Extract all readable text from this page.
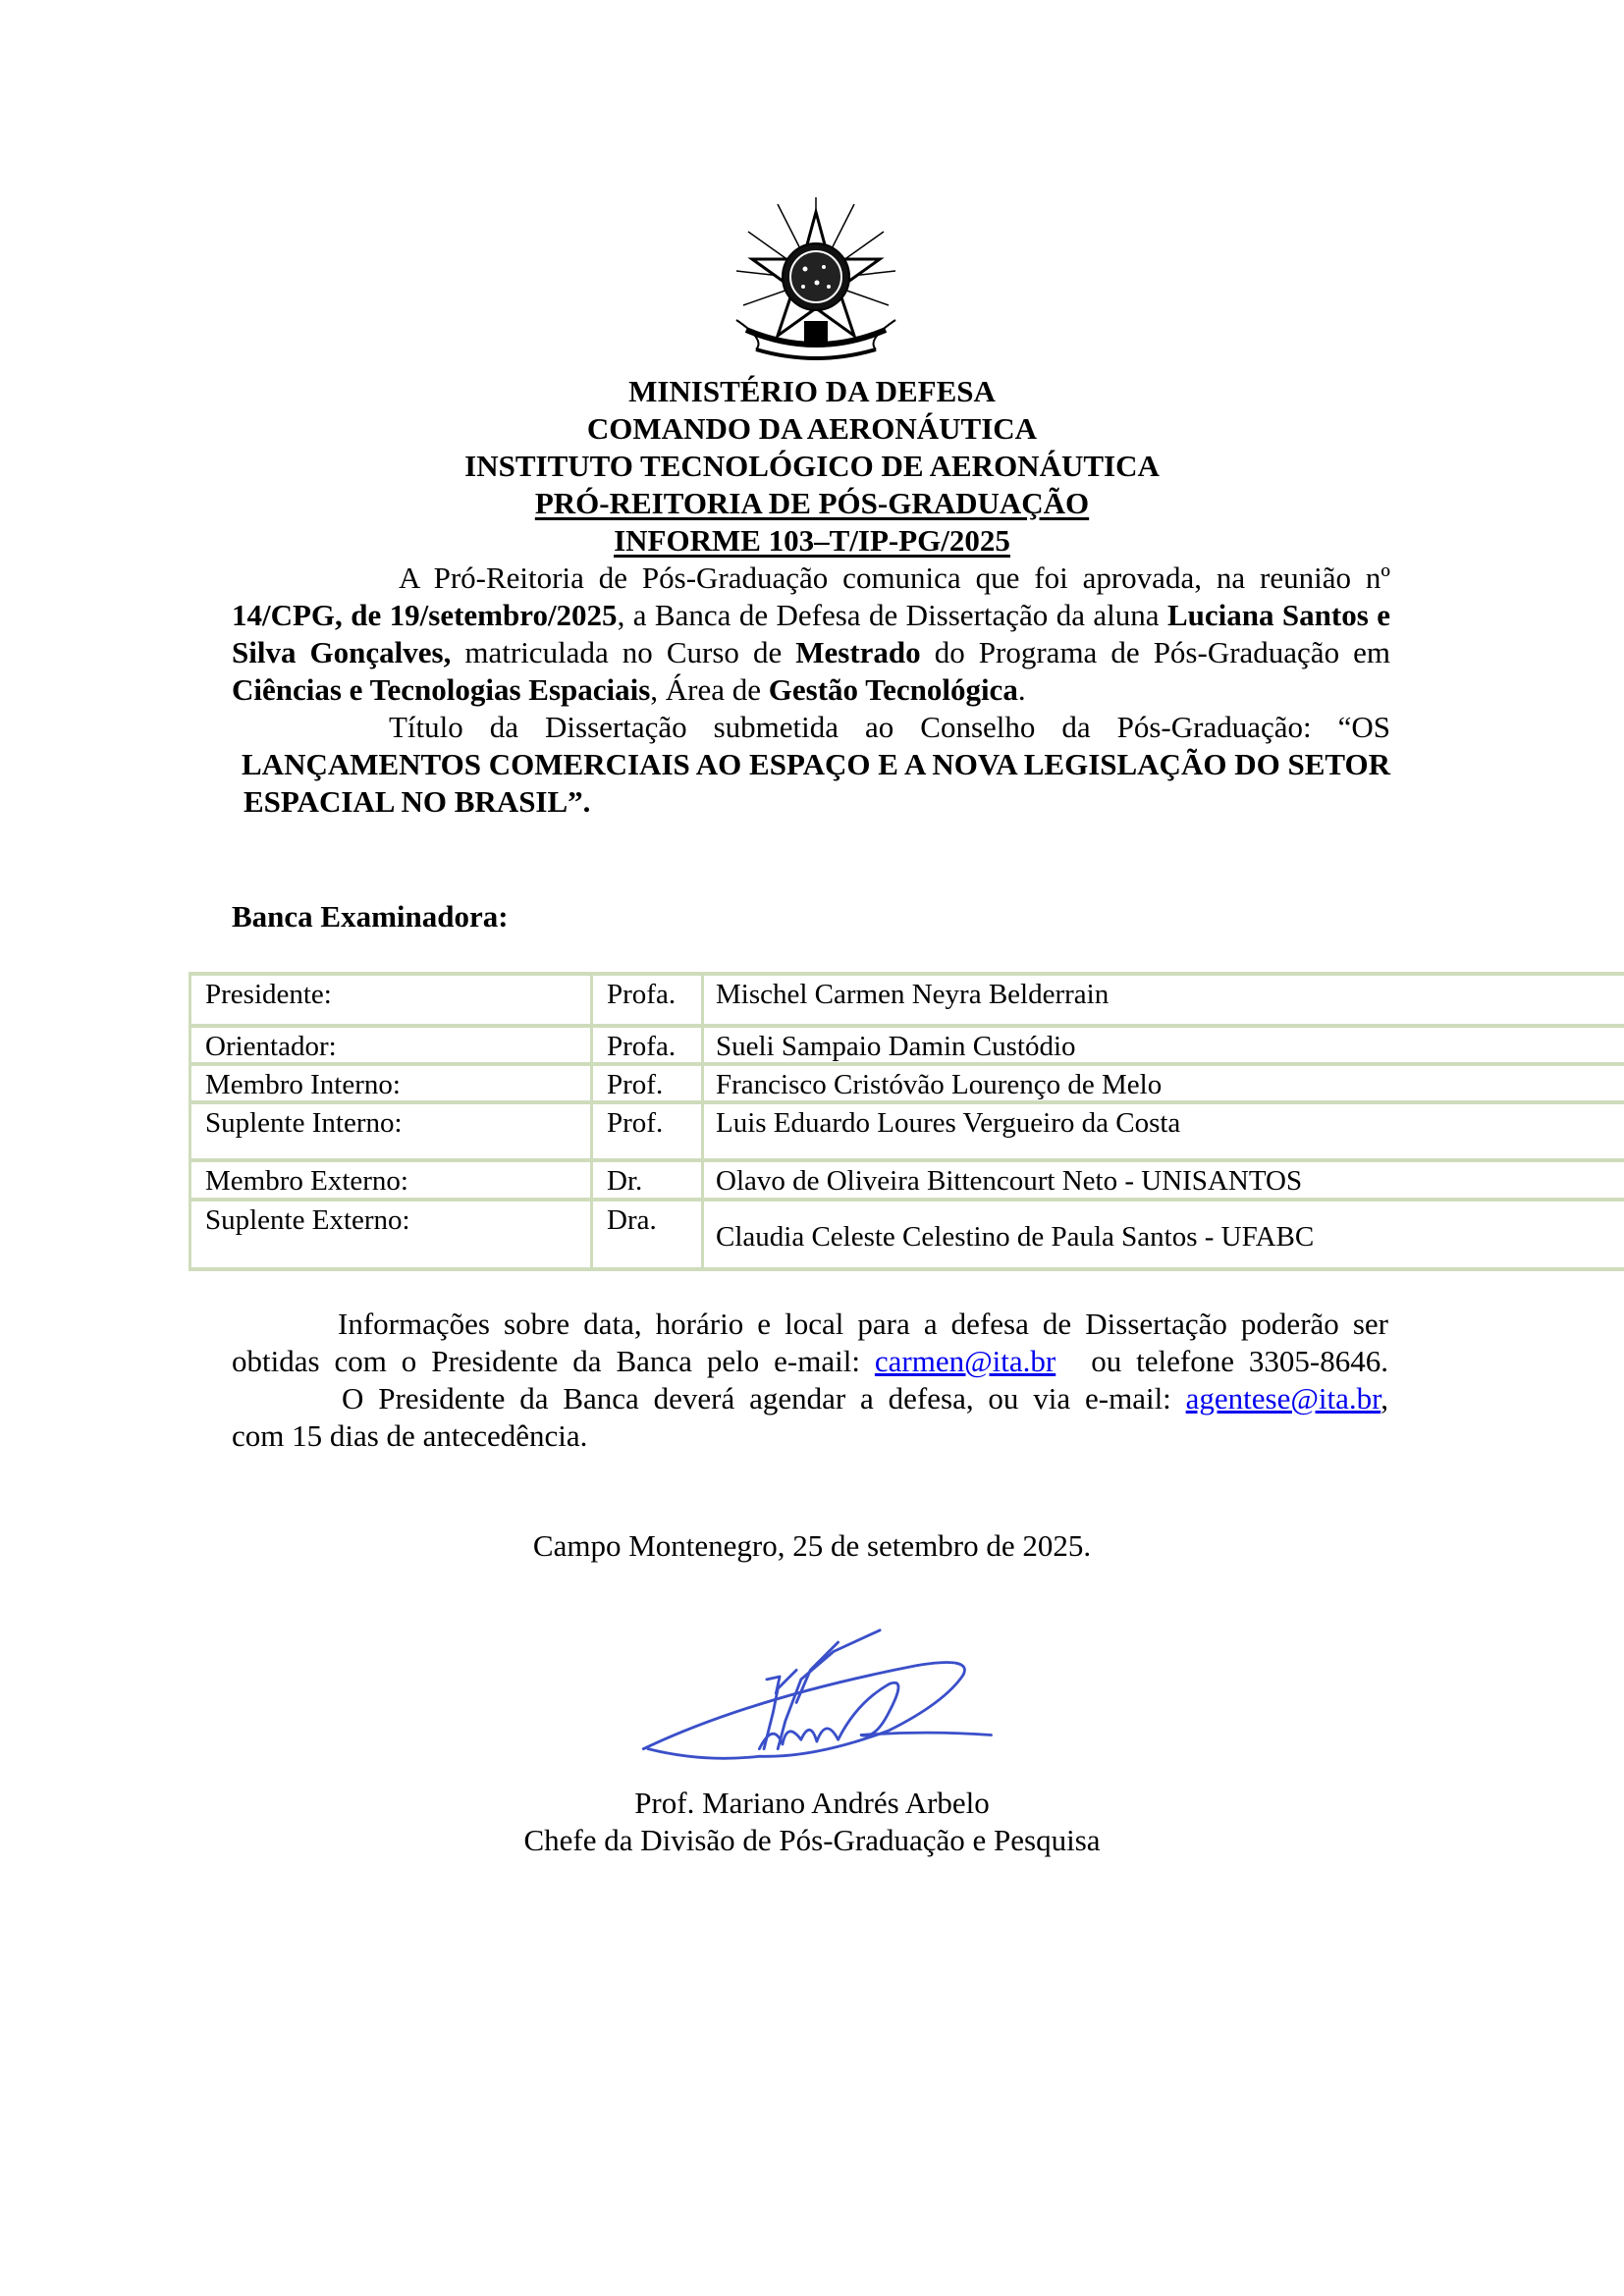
MINISTÉRIO DA DEFESA
COMANDO DA AERONÁUTICA
INSTITUTO TECNOLÓGICO DE AERONÁUTICA
PRÓ-REITORIA DE PÓS-GRADUAÇÃO
INFORME 103–T/IP-PG/2025
A Pró-Reitoria de Pós-Graduação comunica que foi aprovada, na reunião nº 14/CPG, de 19/setembro/2025, a Banca de Defesa de Dissertação da aluna Luciana Santos e Silva Gonçalves, matriculada no Curso de Mestrado do Programa de Pós-Graduação em Ciências e Tecnologias Espaciais, Área de Gestão Tecnológica.
Título da Dissertação submetida ao Conselho da Pós-Graduação: “OS
LANÇAMENTOS COMERCIAIS AO ESPAÇO E A NOVA LEGISLAÇÃO DO SETOR
ESPACIAL NO BRASIL”.
Banca Examinadora:
Presidente:	Profa.	Mischel Carmen Neyra Belderrain
Orientador:	Profa.	Sueli Sampaio Damin Custódio
Membro Interno:	Prof.	Francisco Cristóvão Lourenço de Melo
Suplente Interno:	Prof.	Luis Eduardo Loures Vergueiro da Costa
Membro Externo:	Dr.	Olavo de Oliveira Bittencourt Neto - UNISANTOS
Suplente Externo:	Dra.	Claudia Celeste Celestino de Paula Santos - UFABC
Informações sobre data, horário e local para a defesa de Dissertação poderão ser
obtidas com o Presidente da Banca pelo e-mail: carmen@ita.br ou telefone 3305-8646.
O Presidente da Banca deverá agendar a defesa, ou via e-mail: agentese@ita.br,
com 15 dias de antecedência.
Campo Montenegro, 25 de setembro de 2025.
Prof. Mariano Andrés Arbelo
Chefe da Divisão de Pós-Graduação e Pesquisa
